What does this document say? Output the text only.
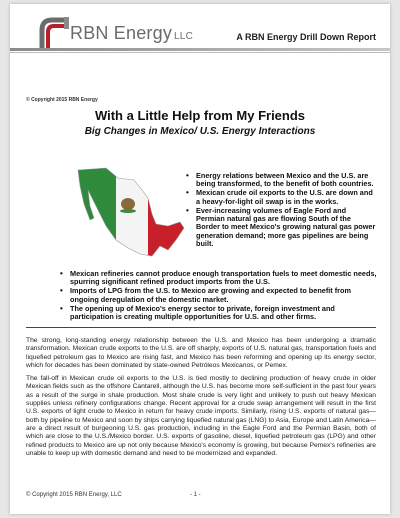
RBN Energy LLC	A RBN Energy Drill Down Report
© Copyright 2015 RBN Energy
With a Little Help from My Friends
Big Changes in Mexico/ U.S. Energy Interactions
• Energy relations between Mexico and the U.S. are being transformed, to the benefit of both countries.
• Mexican crude oil exports to the U.S. are down and a heavy-for-light oil swap is in the works.
• Ever-increasing volumes of Eagle Ford and Permian natural gas are flowing South of the Border to meet Mexico's growing natural gas power generation demand; more gas pipelines are being built.
• Mexican refineries cannot produce enough transportation fuels to meet domestic needs, spurring significant refined product imports from the U.S.
• Imports of LPG from the U.S. to Mexico are growing and expected to benefit from ongoing deregulation of the domestic market.
• The opening up of Mexico's energy sector to private, foreign investment and participation is creating multiple opportunities for U.S. and other firms.

The strong, long-standing energy relationship between the U.S. and Mexico has been undergoing a dramatic transformation. Mexican crude exports to the U.S. are off sharply, exports of U.S. natural gas, transportation fuels and liquefied petroleum gas to Mexico are rising fast, and Mexico has been reforming and opening up its energy sector, which for decades has been dominated by state-owned Petróleos Mexicanos, or Pemex.

The fall-off in Mexican crude oil exports to the U.S. is tied mostly to declining production of heavy crude in older Mexican fields such as the offshore Cantarell, although the U.S. has become more self-sufficient in the past four years as a result of the surge in shale production. Most shale crude is very light and unlikely to push out heavy Mexican supplies unless refinery configurations change. Recent approval for a crude swap arrangement will result in the first U.S. exports of light crude to Mexico in return for heavy crude imports. Similarly, rising U.S. exports of natural gas—both by pipeline to Mexico and soon by ships carrying liquefied natural gas (LNG) to Asia, Europe and Latin America—are a direct result of burgeoning U.S. gas production, including in the Eagle Ford and the Permian Basin, both of which are close to the U.S./Mexico border. U.S. exports of gasoline, diesel, liquefied petroleum gas (LPG) and other refined products to Mexico are up not only because Mexico's economy is growing, but because Pemex's refineries are unable to keep up with domestic demand and need to be modernized and expanded.

© Copyright 2015 RBN Energy, LLC	- 1 -
